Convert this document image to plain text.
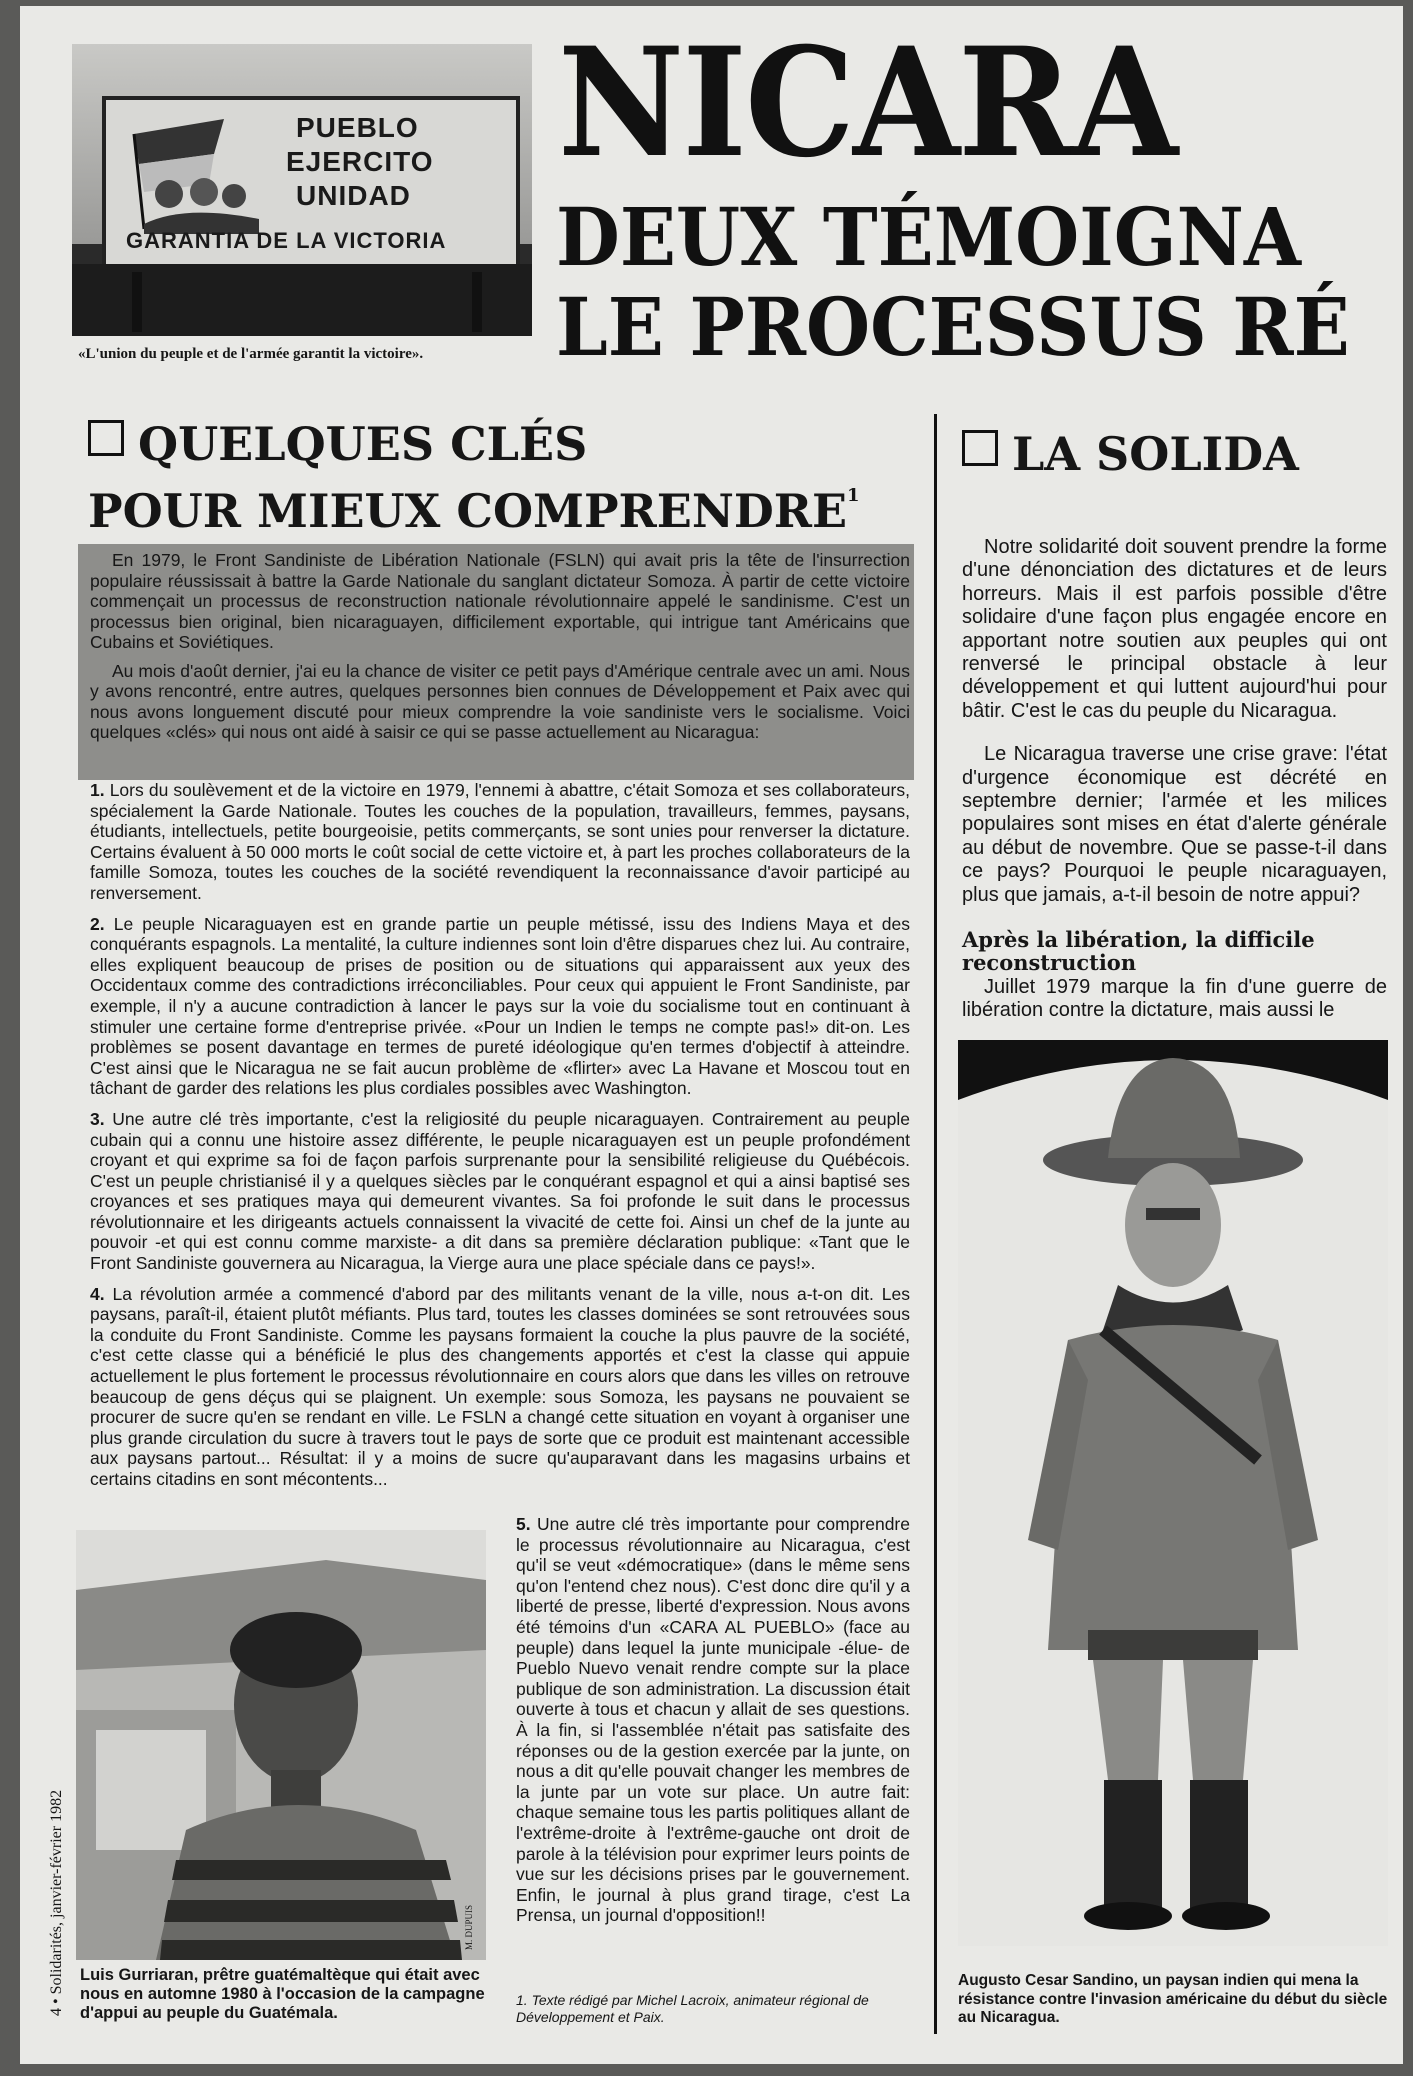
PUEBLO
EJERCITO
UNIDAD
GARANTIA DE LA VICTORIA
«L'union du peuple et de l'armée garantit la victoire».
NICARA
DEUX TÉMOIGNA
LE PROCESSUS RÉ
QUELQUES CLÉS
POUR MIEUX COMPRENDRE$^1$

En 1979, le Front Sandiniste de Libération Nationale (FSLN) qui avait pris la tête de l'insurrection populaire réussissait à battre la Garde Nationale du sanglant dictateur Somoza. À partir de cette victoire commençait un processus de reconstruction nationale révolutionnaire appelé le sandinisme. C'est un processus bien original, bien nicaraguayen, difficilement exportable, qui intrigue tant Américains que Cubains et Soviétiques.

Au mois d'août dernier, j'ai eu la chance de visiter ce petit pays d'Amérique centrale avec un ami. Nous y avons rencontré, entre autres, quelques personnes bien connues de Développement et Paix avec qui nous avons longuement discuté pour mieux comprendre la voie sandiniste vers le socialisme. Voici quelques «clés» qui nous ont aidé à saisir ce qui se passe actuellement au Nicaragua:

1. Lors du soulèvement et de la victoire en 1979, l'ennemi à abattre, c'était Somoza et ses collaborateurs, spécialement la Garde Nationale. Toutes les couches de la population, travailleurs, femmes, paysans, étudiants, intellectuels, petite bourgeoisie, petits commerçants, se sont unies pour renverser la dictature. Certains évaluent à 50 000 morts le coût social de cette victoire et, à part les proches collaborateurs de la famille Somoza, toutes les couches de la société revendiquent la reconnaissance d'avoir participé au renversement.

2. Le peuple Nicaraguayen est en grande partie un peuple métissé, issu des Indiens Maya et des conquérants espagnols. La mentalité, la culture indiennes sont loin d'être disparues chez lui. Au contraire, elles expliquent beaucoup de prises de position ou de situations qui apparaissent aux yeux des Occidentaux comme des contradictions irréconciliables. Pour ceux qui appuient le Front Sandiniste, par exemple, il n'y a aucune contradiction à lancer le pays sur la voie du socialisme tout en continuant à stimuler une certaine forme d'entreprise privée. «Pour un Indien le temps ne compte pas!» dit-on. Les problèmes se posent davantage en termes de pureté idéologique qu'en termes d'objectif à atteindre. C'est ainsi que le Nicaragua ne se fait aucun problème de «flirter» avec La Havane et Moscou tout en tâchant de garder des relations les plus cordiales possibles avec Washington.

3. Une autre clé très importante, c'est la religiosité du peuple nicaraguayen. Contrairement au peuple cubain qui a connu une histoire assez différente, le peuple nicaraguayen est un peuple profondément croyant et qui exprime sa foi de façon parfois surprenante pour la sensibilité religieuse du Québécois. C'est un peuple christianisé il y a quelques siècles par le conquérant espagnol et qui a ainsi baptisé ses croyances et ses pratiques maya qui demeurent vivantes. Sa foi profonde le suit dans le processus révolutionnaire et les dirigeants actuels connaissent la vivacité de cette foi. Ainsi un chef de la junte au pouvoir -et qui est connu comme marxiste- a dit dans sa première déclaration publique: «Tant que le Front Sandiniste gouvernera au Nicaragua, la Vierge aura une place spéciale dans ce pays!».

4. La révolution armée a commencé d'abord par des militants venant de la ville, nous a-t-on dit. Les paysans, paraît-il, étaient plutôt méfiants. Plus tard, toutes les classes dominées se sont retrouvées sous la conduite du Front Sandiniste. Comme les paysans formaient la couche la plus pauvre de la société, c'est cette classe qui a bénéficié le plus des changements apportés et c'est la classe qui appuie actuellement le plus fortement le processus révolutionnaire en cours alors que dans les villes on retrouve beaucoup de gens déçus qui se plaignent. Un exemple: sous Somoza, les paysans ne pouvaient se procurer de sucre qu'en se rendant en ville. Le FSLN a changé cette situation en voyant à organiser une plus grande circulation du sucre à travers tout le pays de sorte que ce produit est maintenant accessible aux paysans partout... Résultat: il y a moins de sucre qu'auparavant dans les magasins urbains et certains citadins en sont mécontents...

5. Une autre clé très importante pour comprendre le processus révolutionnaire au Nicaragua, c'est qu'il se veut «démocratique» (dans le même sens qu'on l'entend chez nous). C'est donc dire qu'il y a liberté de presse, liberté d'expression. Nous avons été témoins d'un «CARA AL PUEBLO» (face au peuple) dans lequel la junte municipale -élue- de Pueblo Nuevo venait rendre compte sur la place publique de son administration. La discussion était ouverte à tous et chacun y allait de ses questions. À la fin, si l'assemblée n'était pas satisfaite des réponses ou de la gestion exercée par la junte, on nous a dit qu'elle pouvait changer les membres de la junte par un vote sur place. Un autre fait: chaque semaine tous les partis politiques allant de l'extrême-droite à l'extrême-gauche ont droit de parole à la télévision pour exprimer leurs points de vue sur les décisions prises par le gouvernement. Enfin, le journal à plus grand tirage, c'est La Prensa, un journal d'opposition!!

M. DUPUIS
Luis Gurriaran, prêtre guatémaltèque qui était avec nous en automne 1980 à l'occasion de la campagne d'appui au peuple du Guatémala.
4 • Solidarités, janvier-février 1982	1. Texte rédigé par Michel Lacroix, animateur régional de Développement et Paix.
LA SOLIDA

Notre solidarité doit souvent prendre la forme d'une dénonciation des dictatures et de leurs horreurs. Mais il est parfois possible d'être solidaire d'une façon plus engagée encore en apportant notre soutien aux peuples qui ont renversé le principal obstacle à leur développement et qui luttent aujourd'hui pour bâtir. C'est le cas du peuple du Nicaragua.

Le Nicaragua traverse une crise grave: l'état d'urgence économique est décrété en septembre dernier; l'armée et les milices populaires sont mises en état d'alerte générale au début de novembre. Que se passe-t-il dans ce pays? Pourquoi le peuple nicaraguayen, plus que jamais, a-t-il besoin de notre appui?

Après la libération, la difficile reconstruction

Juillet 1979 marque la fin d'une guerre de libération contre la dictature, mais aussi le

Augusto Cesar Sandino, un paysan indien qui mena la résistance contre l'invasion américaine du début du siècle au Nicaragua.
